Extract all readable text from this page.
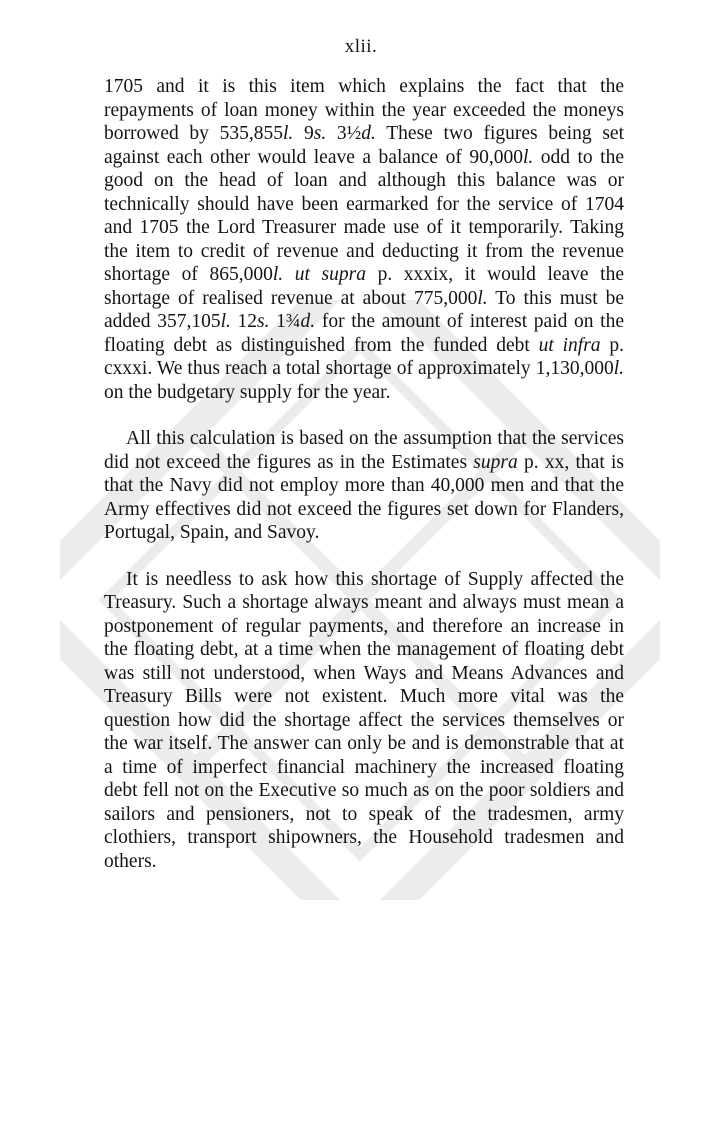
xlii.

1705 and it is this item which explains the fact that the repayments of loan money within the year exceeded the moneys borrowed by 535,855l. 9s. 3½d. These two figures being set against each other would leave a balance of 90,000l. odd to the good on the head of loan and although this balance was or technically should have been earmarked for the service of 1704 and 1705 the Lord Treasurer made use of it temporarily. Taking the item to credit of revenue and deducting it from the revenue shortage of 865,000l. ut supra p. xxxix, it would leave the shortage of realised revenue at about 775,000l. To this must be added 357,105l. 12s. 1¾d. for the amount of interest paid on the floating debt as distinguished from the funded debt ut infra p. cxxxi. We thus reach a total shortage of approximately 1,130,000l. on the budgetary supply for the year.

All this calculation is based on the assumption that the services did not exceed the figures as in the Estimates supra p. xx, that is that the Navy did not employ more than 40,000 men and that the Army effectives did not exceed the figures set down for Flanders, Portugal, Spain, and Savoy.

It is needless to ask how this shortage of Supply affected the Treasury. Such a shortage always meant and always must mean a postponement of regular payments, and therefore an increase in the floating debt, at a time when the management of floating debt was still not understood, when Ways and Means Advances and Treasury Bills were not existent. Much more vital was the question how did the shortage affect the services themselves or the war itself. The answer can only be and is demonstrable that at a time of imperfect financial machinery the increased floating debt fell not on the Executive so much as on the poor soldiers and sailors and pensioners, not to speak of the tradesmen, army clothiers, transport shipowners, the Household tradesmen and others.
